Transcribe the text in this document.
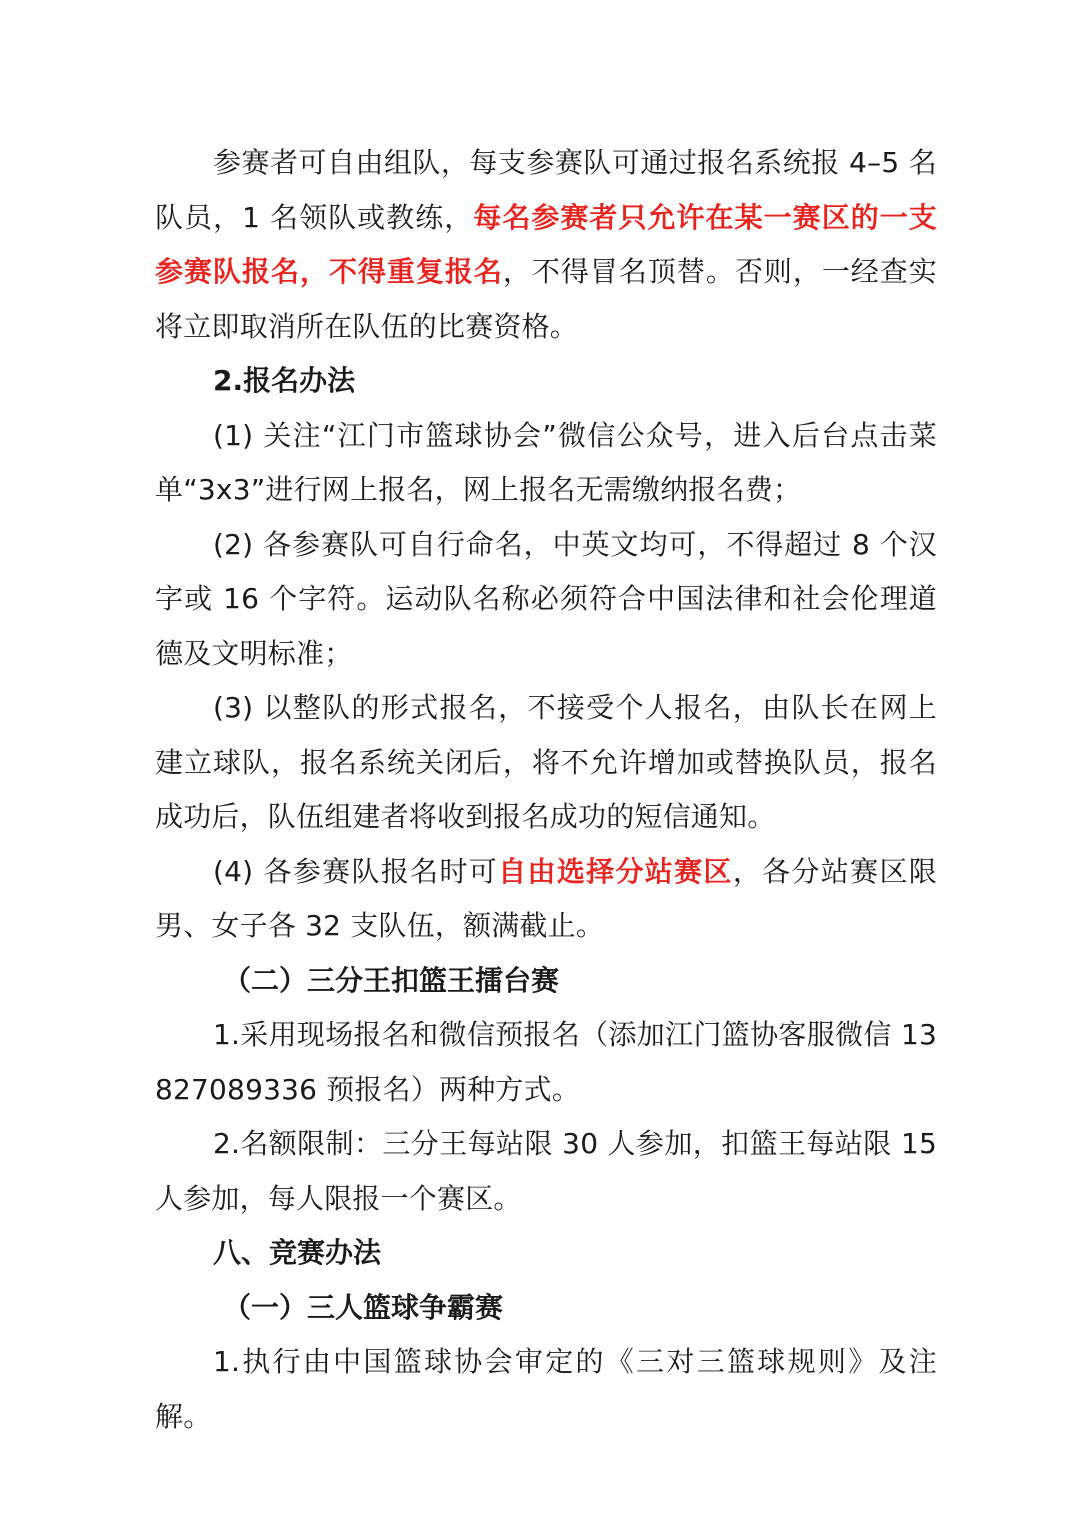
参赛者可自由组队，每支参赛队可通过报名系统报 4–5 名队员，1 名领队或教练，每名参赛者只允许在某一赛区的一支参赛队报名，不得重复报名，不得冒名顶替。否则，一经查实将立即取消所在队伍的比赛资格。

2.报名办法

(1) 关注“江门市篮球协会”微信公众号，进入后台点击菜单“3x3”进行网上报名，网上报名无需缴纳报名费；

(2) 各参赛队可自行命名，中英文均可，不得超过 8 个汉字或 16 个字符。运动队名称必须符合中国法律和社会伦理道德及文明标准；

(3) 以整队的形式报名，不接受个人报名，由队长在网上建立球队，报名系统关闭后，将不允许增加或替换队员，报名成功后，队伍组建者将收到报名成功的短信通知。

(4) 各参赛队报名时可自由选择分站赛区，各分站赛区限男、女子各 32 支队伍，额满截止。

（二）三分王扣篮王擂台赛

1.采用现场报名和微信预报名（添加江门篮协客服微信 13827089336 预报名）两种方式。

2.名额限制：三分王每站限 30 人参加，扣篮王每站限 15 人参加，每人限报一个赛区。

八、竞赛办法

（一）三人篮球争霸赛

1.执行由中国篮球协会审定的《三对三篮球规则》及注解。
